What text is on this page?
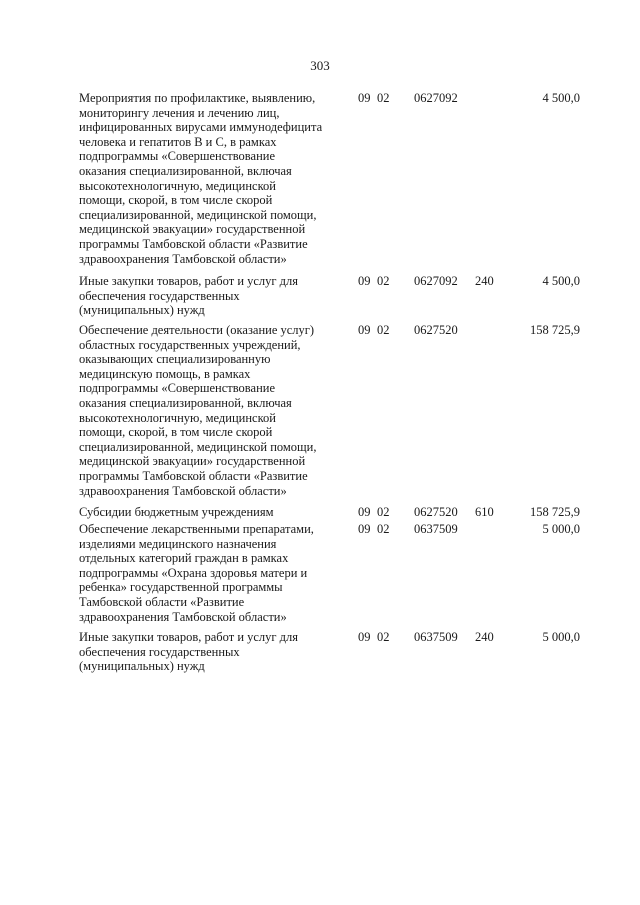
303
Мероприятия по профилактике, выявлению,
мониторингу лечения и лечению лиц,
инфицированных вирусами иммунодефицита
человека и гепатитов В и С, в рамках
подпрограммы «Совершенствование
оказания специализированной, включая
высокотехнологичную, медицинской
помощи, скорой, в том числе скорой
специализированной, медицинской помощи,
медицинской эвакуации» государственной
программы Тамбовской области «Развитие
здравоохранения Тамбовской области»
09 02 0627092	4 500,0
Иные закупки товаров, работ и услуг для
обеспечения государственных
(муниципальных) нужд
09 02 0627092 240	4 500,0
Обеспечение деятельности (оказание услуг)
областных государственных учреждений,
оказывающих специализированную
медицинскую помощь, в рамках
подпрограммы «Совершенствование
оказания специализированной, включая
высокотехнологичную, медицинской
помощи, скорой, в том числе скорой
специализированной, медицинской помощи,
медицинской эвакуации» государственной
программы Тамбовской области «Развитие
здравоохранения Тамбовской области»
09 02 0627520	158 725,9
Субсидии бюджетным учреждениям	09 02 0627520 610	158 725,9
Обеспечение лекарственными препаратами,
изделиями медицинского назначения
отдельных категорий граждан в рамках
подпрограммы «Охрана здоровья матери и
ребенка» государственной программы
Тамбовской области «Развитие
здравоохранения Тамбовской области»
09 02 0637509	5 000,0
Иные закупки товаров, работ и услуг для
обеспечения государственных
(муниципальных) нужд
09 02 0637509 240	5 000,0
